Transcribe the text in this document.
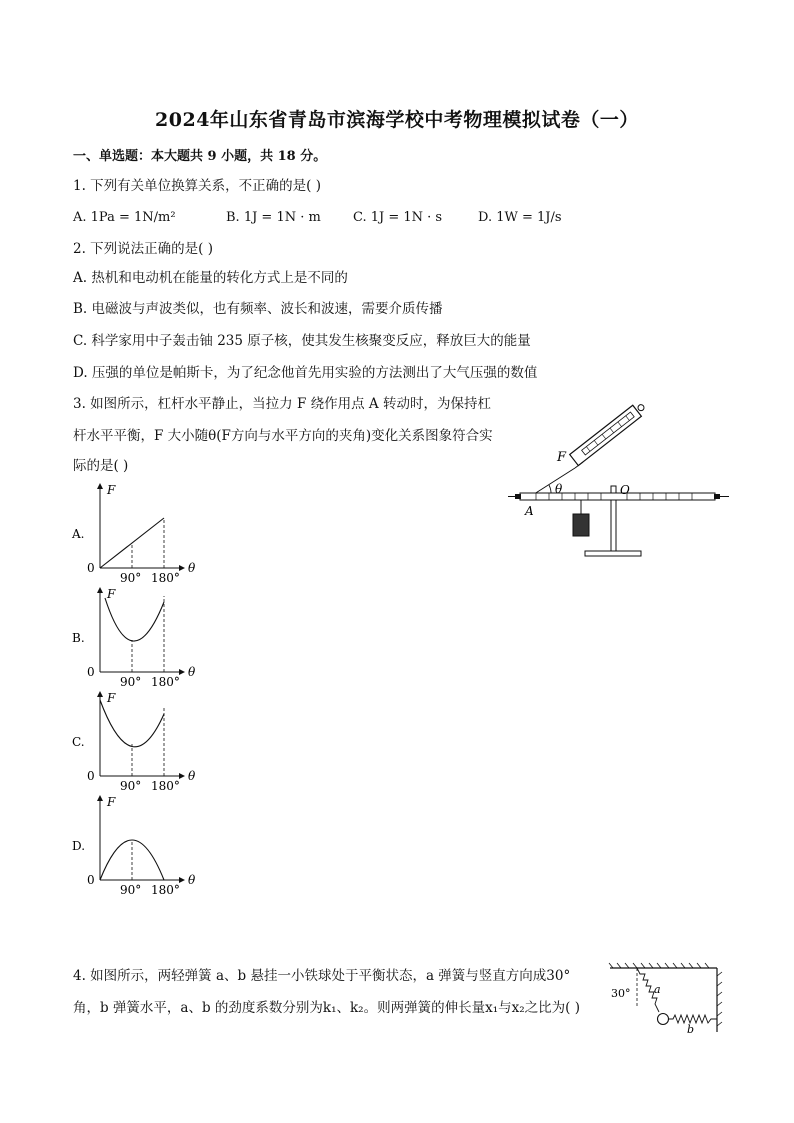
2024年山东省青岛市滨海学校中考物理模拟试卷（一）
一、单选题：本大题共 9 小题，共 18 分。
1. 下列有关单位换算关系，不正确的是( )
A. 1Pa = 1N/m²	B. 1J = 1N · m C. 1J = 1N · s	D. 1W = 1J/s
2. 下列说法正确的是( )
A. 热机和电动机在能量的转化方式上是不同的
B. 电磁波与声波类似，也有频率、波长和波速，需要介质传播
C. 科学家用中子轰击铀 235 原子核，使其发生核聚变反应，释放巨大的能量
D. 压强的单位是帕斯卡，为了纪念他首先用实验的方法测出了大气压强的数值
3. 如图所示，杠杆水平静止，当拉力 F 绕作用点 A 转动时，为保持杠
杆水平平衡，F 大小随θ(F方向与水平方向的夹角)变化关系图象符合实
际的是( )
F
θ	O
A
F
θ
0
90° 180°
A.
F
θ
0
90° 180°
B.
F
θ
0
90° 180°
C.
F
θ
0
90° 180°
D.
4. 如图所示，两轻弹簧 a、b 悬挂一小铁球处于平衡状态，a 弹簧与竖直方向成30°
角，b 弹簧水平，a、b 的劲度系数分别为k₁、k₂。则两弹簧的伸长量x₁与x₂之比为( )
30° a
b
